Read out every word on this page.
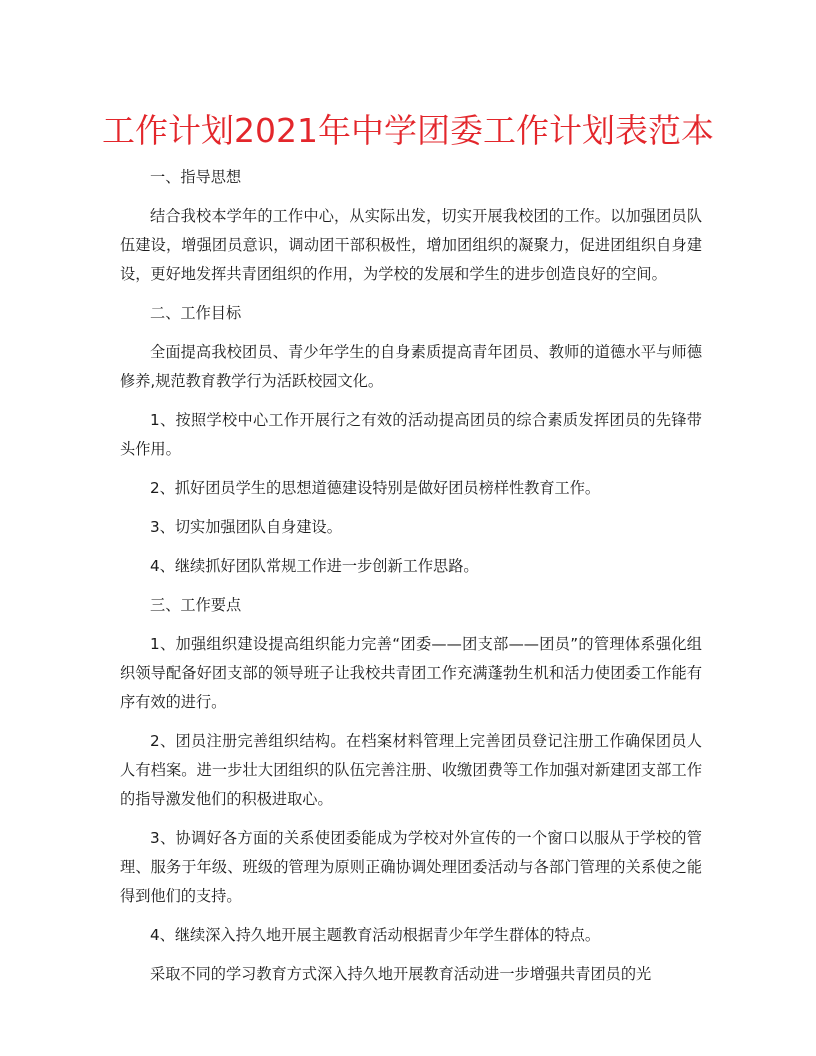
工作计划2021年中学团委工作计划表范本

一、指导思想

结合我校本学年的工作中心，从实际出发，切实开展我校团的工作。以加强团员队伍建设，增强团员意识，调动团干部积极性，增加团组织的凝聚力，促进团组织自身建设，更好地发挥共青团组织的作用，为学校的发展和学生的进步创造良好的空间。

二、工作目标

全面提高我校团员、青少年学生的自身素质提高青年团员、教师的道德水平与师德修养,规范教育教学行为活跃校园文化。

1、按照学校中心工作开展行之有效的活动提高团员的综合素质发挥团员的先锋带头作用。

2、抓好团员学生的思想道德建设特别是做好团员榜样性教育工作。

3、切实加强团队自身建设。

4、继续抓好团队常规工作进一步创新工作思路。

三、工作要点

1、加强组织建设提高组织能力完善“团委——团支部——团员”的管理体系强化组织领导配备好团支部的领导班子让我校共青团工作充满蓬勃生机和活力使团委工作能有序有效的进行。

2、团员注册完善组织结构。在档案材料管理上完善团员登记注册工作确保团员人人有档案。进一步壮大团组织的队伍完善注册、收缴团费等工作加强对新建团支部工作的指导激发他们的积极进取心。

3、协调好各方面的关系使团委能成为学校对外宣传的一个窗口以服从于学校的管理、服务于年级、班级的管理为原则正确协调处理团委活动与各部门管理的关系使之能得到他们的支持。

4、继续深入持久地开展主题教育活动根据青少年学生群体的特点。

采取不同的学习教育方式深入持久地开展教育活动进一步增强共青团员的光
